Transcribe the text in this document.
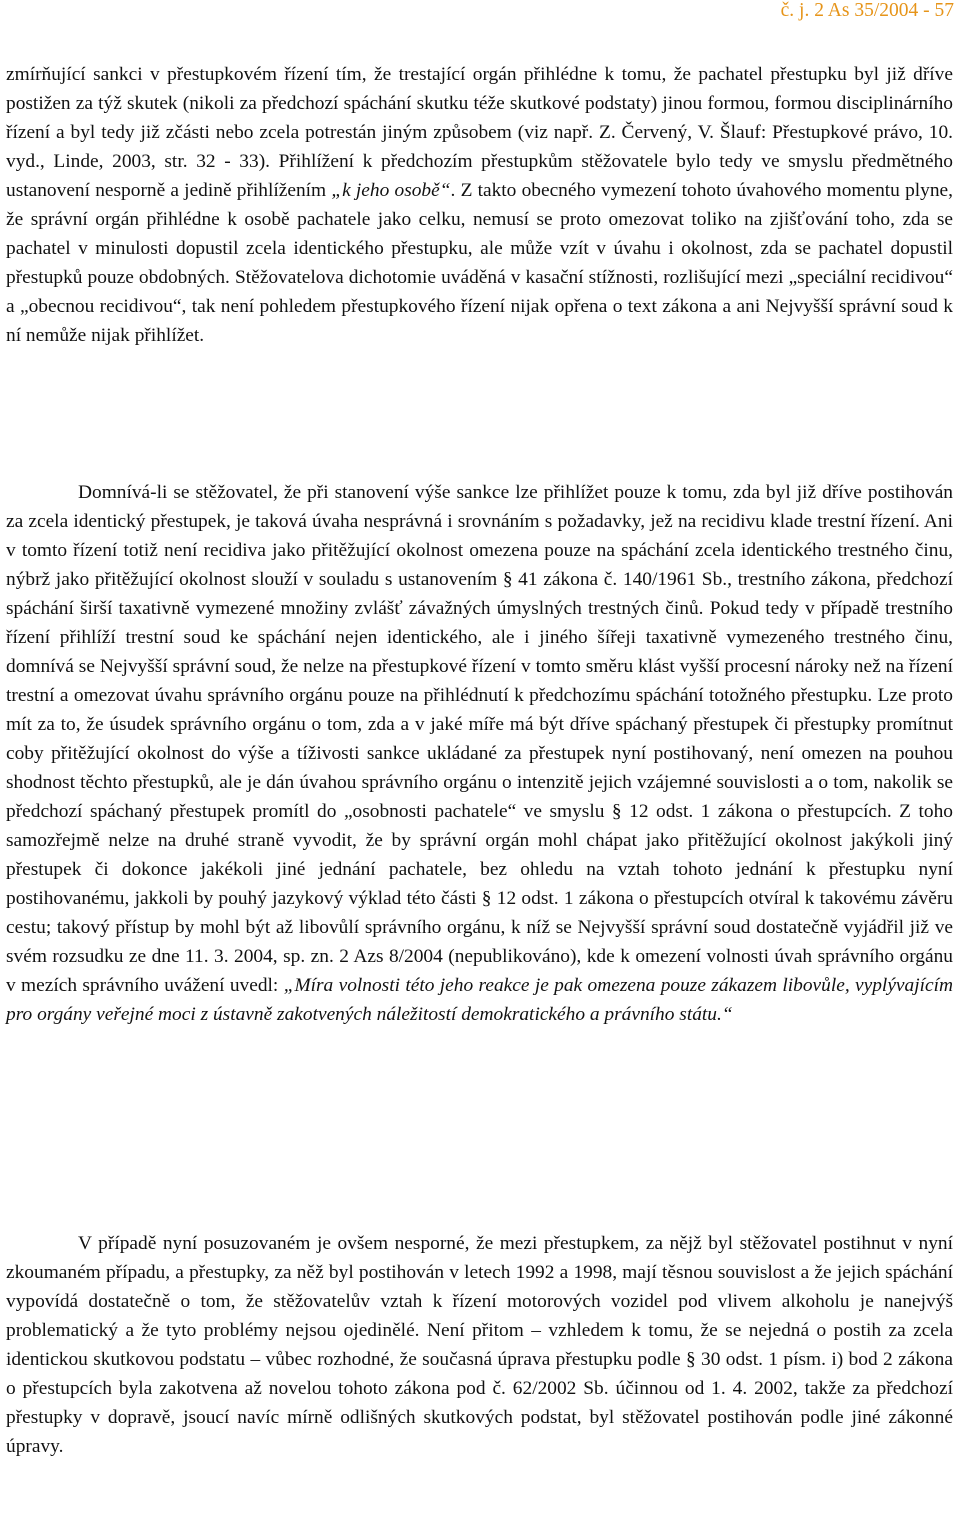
č. j. 2 As 35/2004 - 57

zmírňující sankci v přestupkovém řízení tím, že trestající orgán přihlédne k tomu, že pachatel přestupku byl již dříve postižen za týž skutek (nikoli za předchozí spáchání skutku téže skutkové podstaty) jinou formou, formou disciplinárního řízení a byl tedy již zčásti nebo zcela potrestán jiným způsobem (viz např. Z. Červený, V. Šlauf: Přestupkové právo, 10. vyd., Linde, 2003, str. 32 - 33). Přihlížení k předchozím přestupkům stěžovatele bylo tedy ve smyslu předmětného ustanovení nesporně a jedině přihlížením „k jeho osobě“. Z takto obecného vymezení tohoto úvahového momentu plyne, že správní orgán přihlédne k osobě pachatele jako celku, nemusí se proto omezovat toliko na zjišťování toho, zda se pachatel v minulosti dopustil zcela identického přestupku, ale může vzít v úvahu i okolnost, zda se pachatel dopustil přestupků pouze obdobných. Stěžovatelova dichotomie uváděná v kasační stížnosti, rozlišující mezi „speciální recidivou“ a „obecnou recidivou“, tak není pohledem přestupkového řízení nijak opřena o text zákona a ani Nejvyšší správní soud k ní nemůže nijak přihlížet.

Domnívá-li se stěžovatel, že při stanovení výše sankce lze přihlížet pouze k tomu, zda byl již dříve postihován za zcela identický přestupek, je taková úvaha nesprávná i srovnáním s požadavky, jež na recidivu klade trestní řízení. Ani v tomto řízení totiž není recidiva jako přitěžující okolnost omezena pouze na spáchání zcela identického trestného činu, nýbrž jako přitěžující okolnost slouží v souladu s ustanovením § 41 zákona č. 140/1961 Sb., trestního zákona, předchozí spáchání širší taxativně vymezené množiny zvlášť závažných úmyslných trestných činů. Pokud tedy v případě trestního řízení přihlíží trestní soud ke spáchání nejen identického, ale i jiného šířeji taxativně vymezeného trestného činu, domnívá se Nejvyšší správní soud, že nelze na přestupkové řízení v tomto směru klást vyšší procesní nároky než na řízení trestní a omezovat úvahu správního orgánu pouze na přihlédnutí k předchozímu spáchání totožného přestupku. Lze proto mít za to, že úsudek správního orgánu o tom, zda a v jaké míře má být dříve spáchaný přestupek či přestupky promítnut coby přitěžující okolnost do výše a tíživosti sankce ukládané za přestupek nyní postihovaný, není omezen na pouhou shodnost těchto přestupků, ale je dán úvahou správního orgánu o intenzitě jejich vzájemné souvislosti a o tom, nakolik se předchozí spáchaný přestupek promítl do „osobnosti pachatele“ ve smyslu § 12 odst. 1 zákona o přestupcích. Z toho samozřejmě nelze na druhé straně vyvodit, že by správní orgán mohl chápat jako přitěžující okolnost jakýkoli jiný přestupek či dokonce jakékoli jiné jednání pachatele, bez ohledu na vztah tohoto jednání k přestupku nyní postihovanému, jakkoli by pouhý jazykový výklad této části § 12 odst. 1 zákona o přestupcích otvíral k takovému závěru cestu; takový přístup by mohl být až libovůlí správního orgánu, k níž se Nejvyšší správní soud dostatečně vyjádřil již ve svém rozsudku ze dne 11. 3. 2004, sp. zn. 2 Azs 8/2004 (nepublikováno), kde k omezení volnosti úvah správního orgánu v mezích správního uvážení uvedl: „Míra volnosti této jeho reakce je pak omezena pouze zákazem libovůle, vyplývajícím pro orgány veřejné moci z ústavně zakotvených náležitostí demokratického a právního státu.“

V případě nyní posuzovaném je ovšem nesporné, že mezi přestupkem, za nějž byl stěžovatel postihnut v nyní zkoumaném případu, a přestupky, za něž byl postihován v letech 1992 a 1998, mají těsnou souvislost a že jejich spáchání vypovídá dostatečně o tom, že stěžovatelův vztah k řízení motorových vozidel pod vlivem alkoholu je nanejvýš problematický a že tyto problémy nejsou ojedinělé. Není přitom – vzhledem k tomu, že se nejedná o postih za zcela identickou skutkovou podstatu – vůbec rozhodné, že současná úprava přestupku podle § 30 odst. 1 písm. i) bod 2 zákona o přestupcích byla zakotvena až novelou tohoto zákona pod č. 62/2002 Sb. účinnou od 1. 4. 2002, takže za předchozí přestupky v dopravě, jsoucí navíc mírně odlišných skutkových podstat, byl stěžovatel postihován podle jiné zákonné úpravy.
